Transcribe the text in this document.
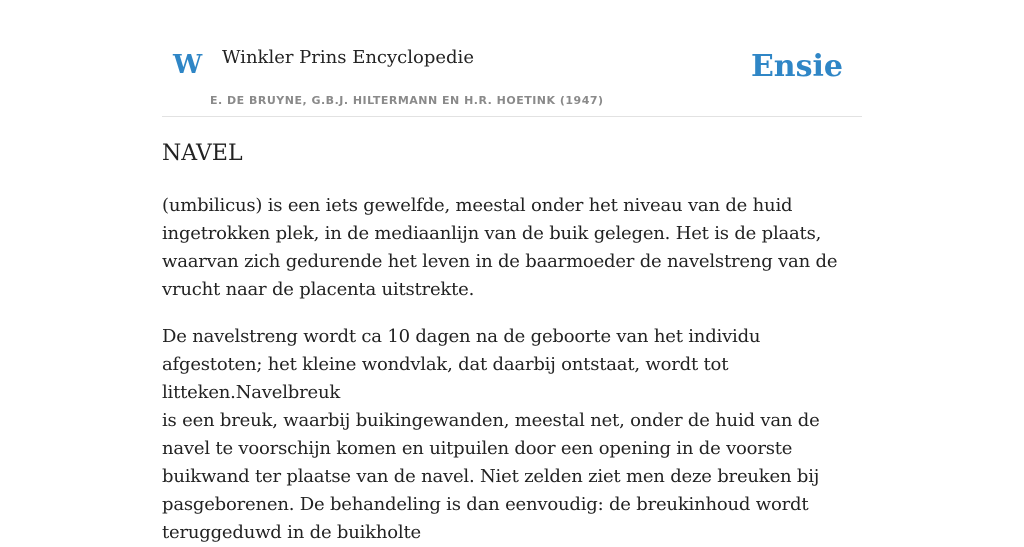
W Winkler Prins Encyclopedie
E. DE BRUYNE, G.B.J. HILTERMANN EN H.R. HOETINK (1947)
Ensie
NAVEL

(umbilicus) is een iets gewelfde, meestal onder het niveau van de huid ingetrokken plek, in de mediaanlijn van de buik gelegen. Het is de plaats, waarvan zich gedurende het leven in de baarmoeder de navelstreng van de vrucht naar de placenta uitstrekte.

De navelstreng wordt ca 10 dagen na de geboorte van het individu afgestoten; het kleine wondvlak, dat daarbij ontstaat, wordt tot litteken.Navelbreuk

is een breuk, waarbij buikingewanden, meestal net, onder de huid van de navel te voorschijn komen en uitpuilen door een opening in de voorste buikwand ter plaatse van de navel. Niet zelden ziet men deze breuken bij pasgeborenen. De behandeling is dan eenvoudig: de breukinhoud wordt teruggeduwd in de buikholte
